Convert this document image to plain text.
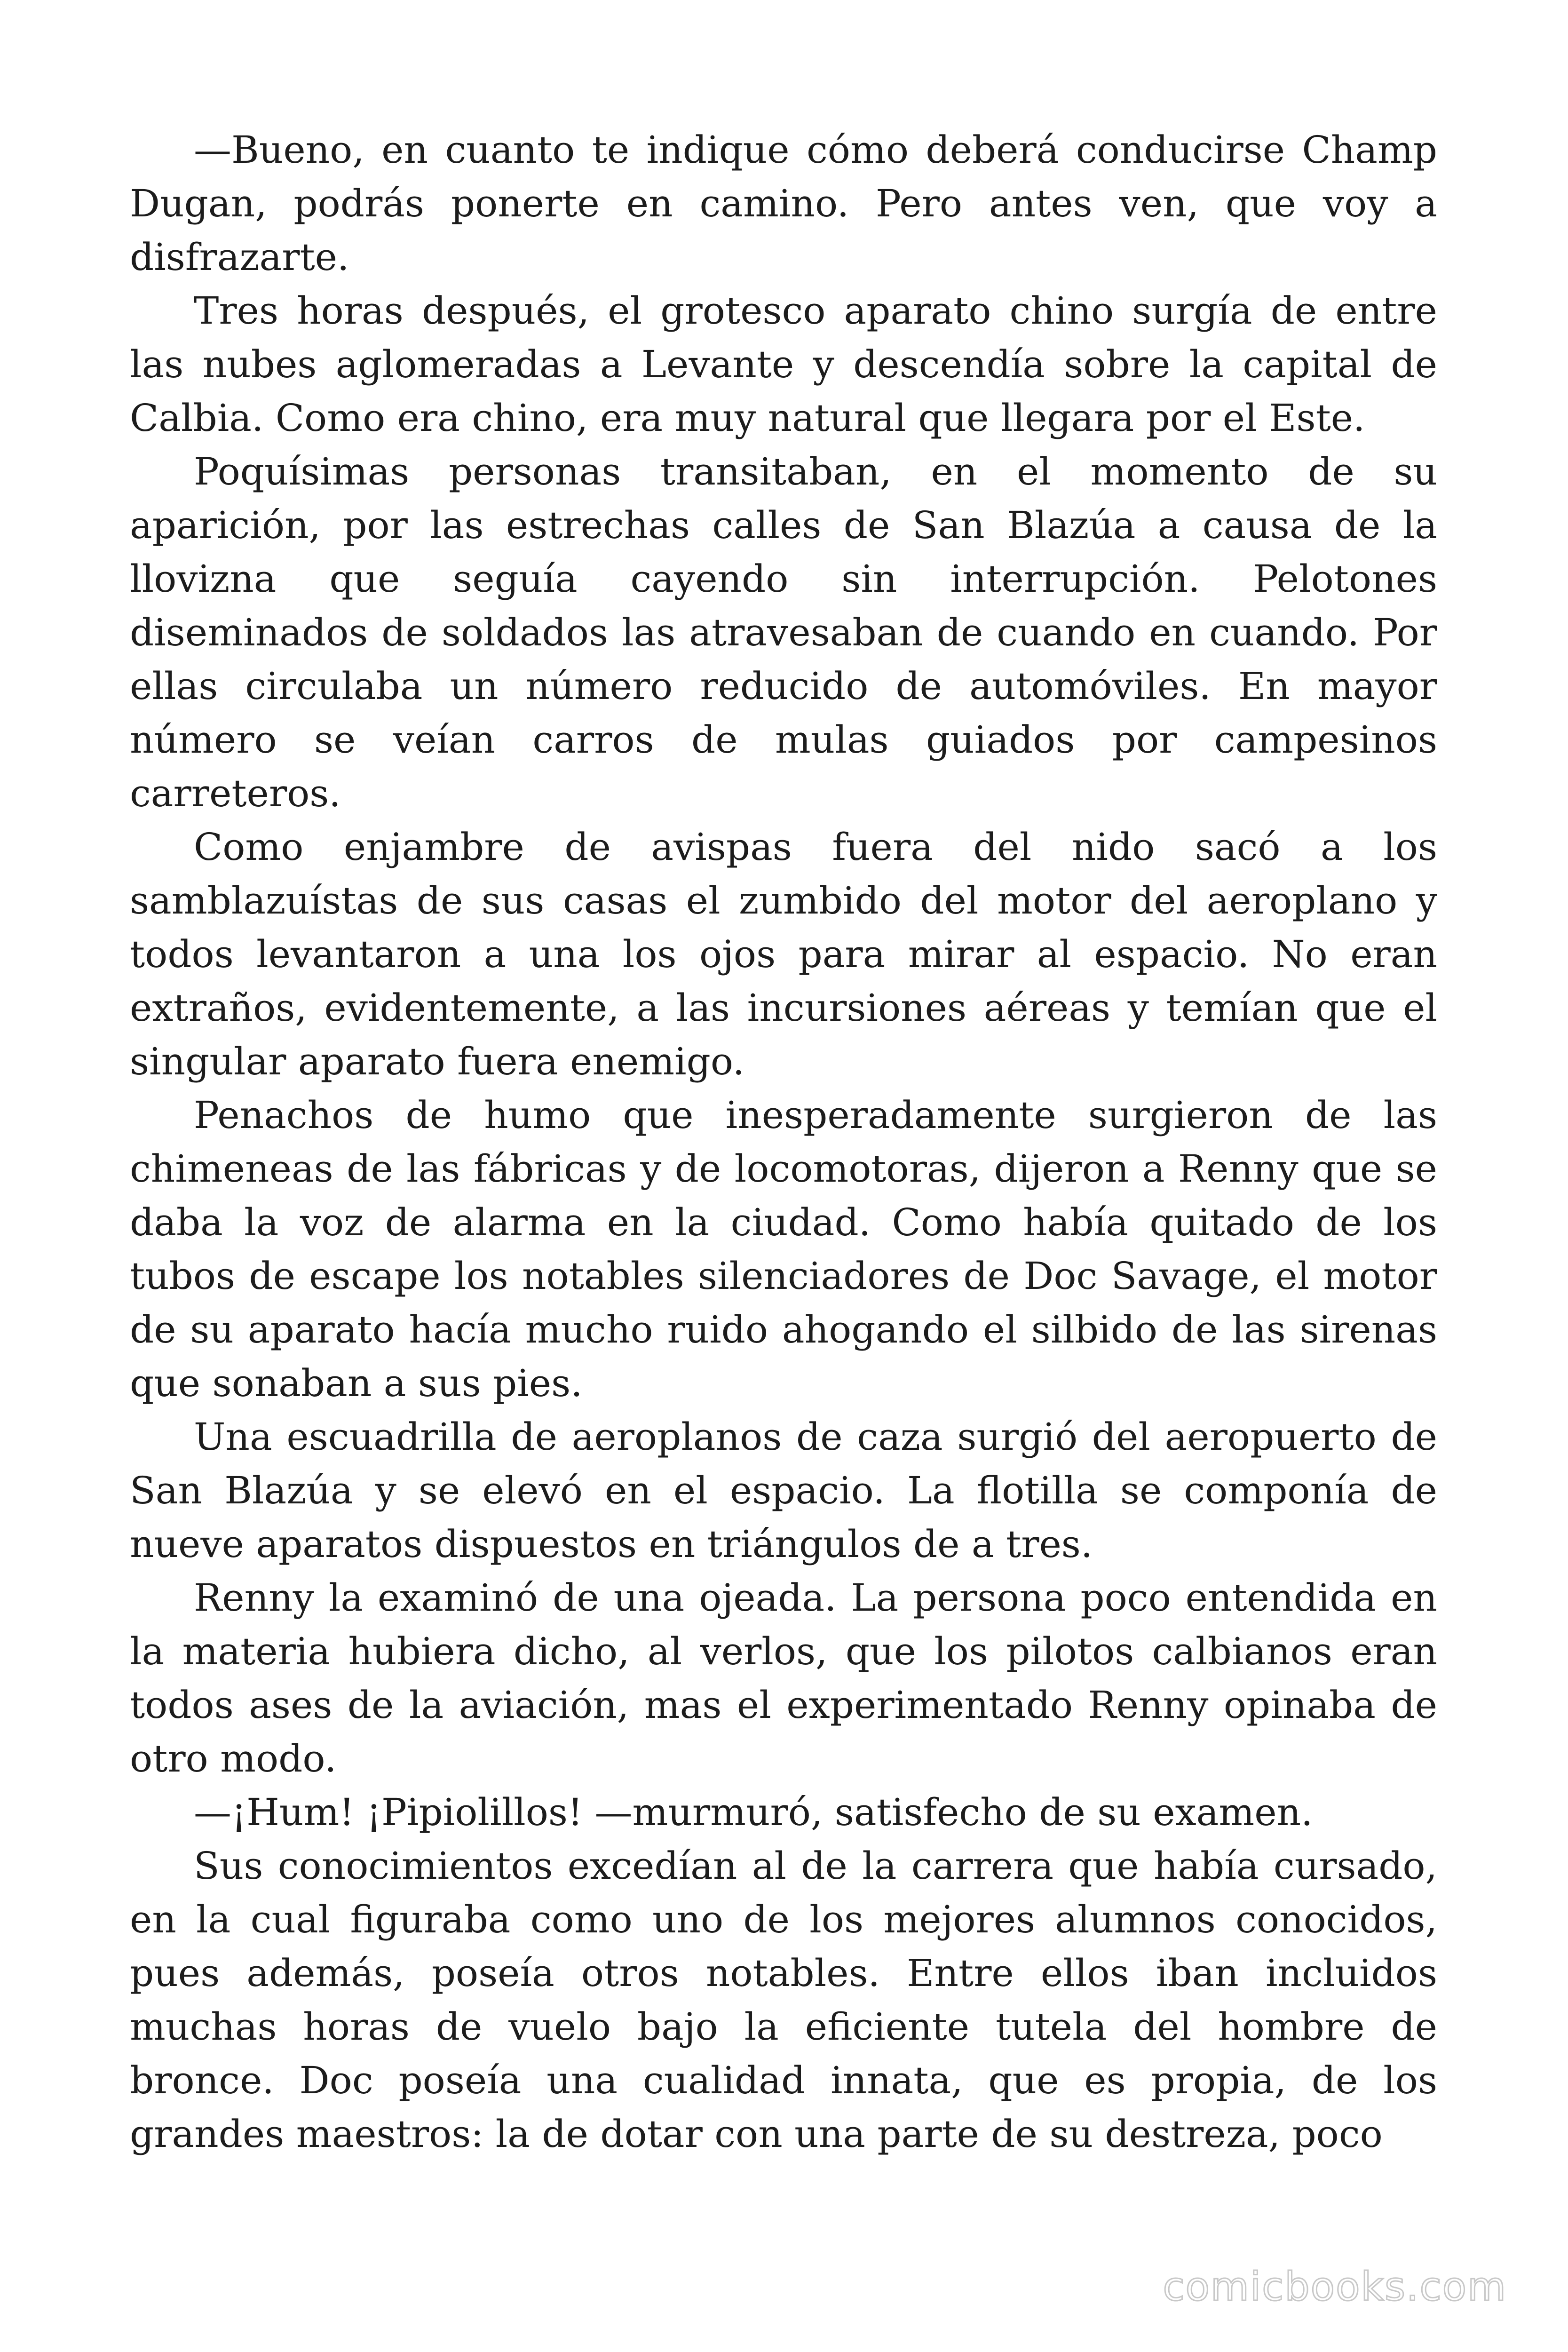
—Bueno, en cuanto te indique cómo deberá conducirse Champ Dugan, podrás ponerte en camino. Pero antes ven, que voy a disfrazarte.

Tres horas después, el grotesco aparato chino surgía de entre las nubes aglomeradas a Levante y descendía sobre la capital de Calbia. Como era chino, era muy natural que llegara por el Este.

Poquísimas personas transitaban, en el momento de su aparición, por las estrechas calles de San Blazúa a causa de la llovizna que seguía cayendo sin interrupción. Pelotones diseminados de soldados las atravesaban de cuando en cuando. Por ellas circulaba un número reducido de automóviles. En mayor número se veían carros de mulas guiados por campesinos carreteros.

Como enjambre de avispas fuera del nido sacó a los samblazuístas de sus casas el zumbido del motor del aeroplano y todos levantaron a una los ojos para mirar al espacio. No eran extraños, evidentemente, a las incursiones aéreas y temían que el singular aparato fuera enemigo.

Penachos de humo que inesperadamente surgieron de las chimeneas de las fábricas y de locomotoras, dijeron a Renny que se daba la voz de alarma en la ciudad. Como había quitado de los tubos de escape los notables silenciadores de Doc Savage, el motor de su aparato hacía mucho ruido ahogando el silbido de las sirenas que sonaban a sus pies.

Una escuadrilla de aeroplanos de caza surgió del aeropuerto de San Blazúa y se elevó en el espacio. La flotilla se componía de nueve aparatos dispuestos en triángulos de a tres.

Renny la examinó de una ojeada. La persona poco entendida en la materia hubiera dicho, al verlos, que los pilotos calbianos eran todos ases de la aviación, mas el experimentado Renny opinaba de otro modo.

—¡Hum! ¡Pipiolillos! —murmuró, satisfecho de su examen.

Sus conocimientos excedían al de la carrera que había cursado, en la cual figuraba como uno de los mejores alumnos conocidos, pues además, poseía otros notables. Entre ellos iban incluidos muchas horas de vuelo bajo la eficiente tutela del hombre de bronce. Doc poseía una cualidad innata, que es propia, de los grandes maestros: la de dotar con una parte de su destreza, poco

comicbooks.com
